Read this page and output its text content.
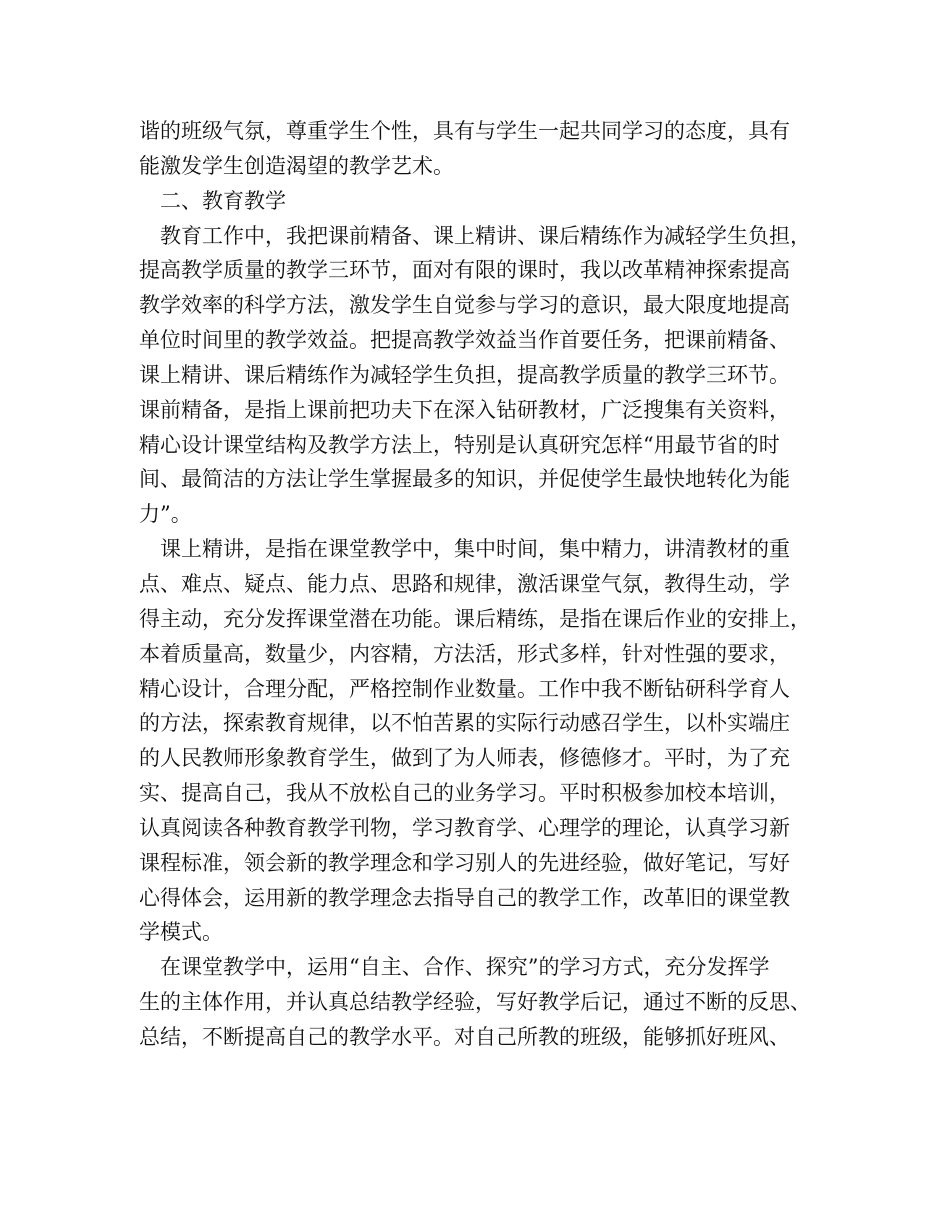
谐的班级气氛，尊重学生个性，具有与学生一起共同学习的态度，具有
能激发学生创造渴望的教学艺术。
二、教育教学
教育工作中，我把课前精备、课上精讲、课后精练作为减轻学生负担，
提高教学质量的教学三环节，面对有限的课时，我以改革精神探索提高
教学效率的科学方法，激发学生自觉参与学习的意识，最大限度地提高
单位时间里的教学效益。把提高教学效益当作首要任务，把课前精备、
课上精讲、课后精练作为减轻学生负担，提高教学质量的教学三环节。
课前精备，是指上课前把功夫下在深入钻研教材，广泛搜集有关资料，
精心设计课堂结构及教学方法上，特别是认真研究怎样“用最节省的时
间、最简洁的方法让学生掌握最多的知识，并促使学生最快地转化为能
力”。
课上精讲，是指在课堂教学中，集中时间，集中精力，讲清教材的重
点、难点、疑点、能力点、思路和规律，激活课堂气氛，教得生动，学
得主动，充分发挥课堂潜在功能。课后精练，是指在课后作业的安排上，
本着质量高，数量少，内容精，方法活，形式多样，针对性强的要求，
精心设计，合理分配，严格控制作业数量。工作中我不断钻研科学育人
的方法，探索教育规律，以不怕苦累的实际行动感召学生，以朴实端庄
的人民教师形象教育学生，做到了为人师表，修德修才。平时，为了充
实、提高自己，我从不放松自己的业务学习。平时积极参加校本培训，
认真阅读各种教育教学刊物，学习教育学、心理学的理论，认真学习新
课程标准，领会新的教学理念和学习别人的先进经验，做好笔记，写好
心得体会，运用新的教学理念去指导自己的教学工作，改革旧的课堂教
学模式。
在课堂教学中，运用“自主、合作、探究”的学习方式，充分发挥学
生的主体作用，并认真总结教学经验，写好教学后记，通过不断的反思、
总结，不断提高自己的教学水平。对自己所教的班级，能够抓好班风、
